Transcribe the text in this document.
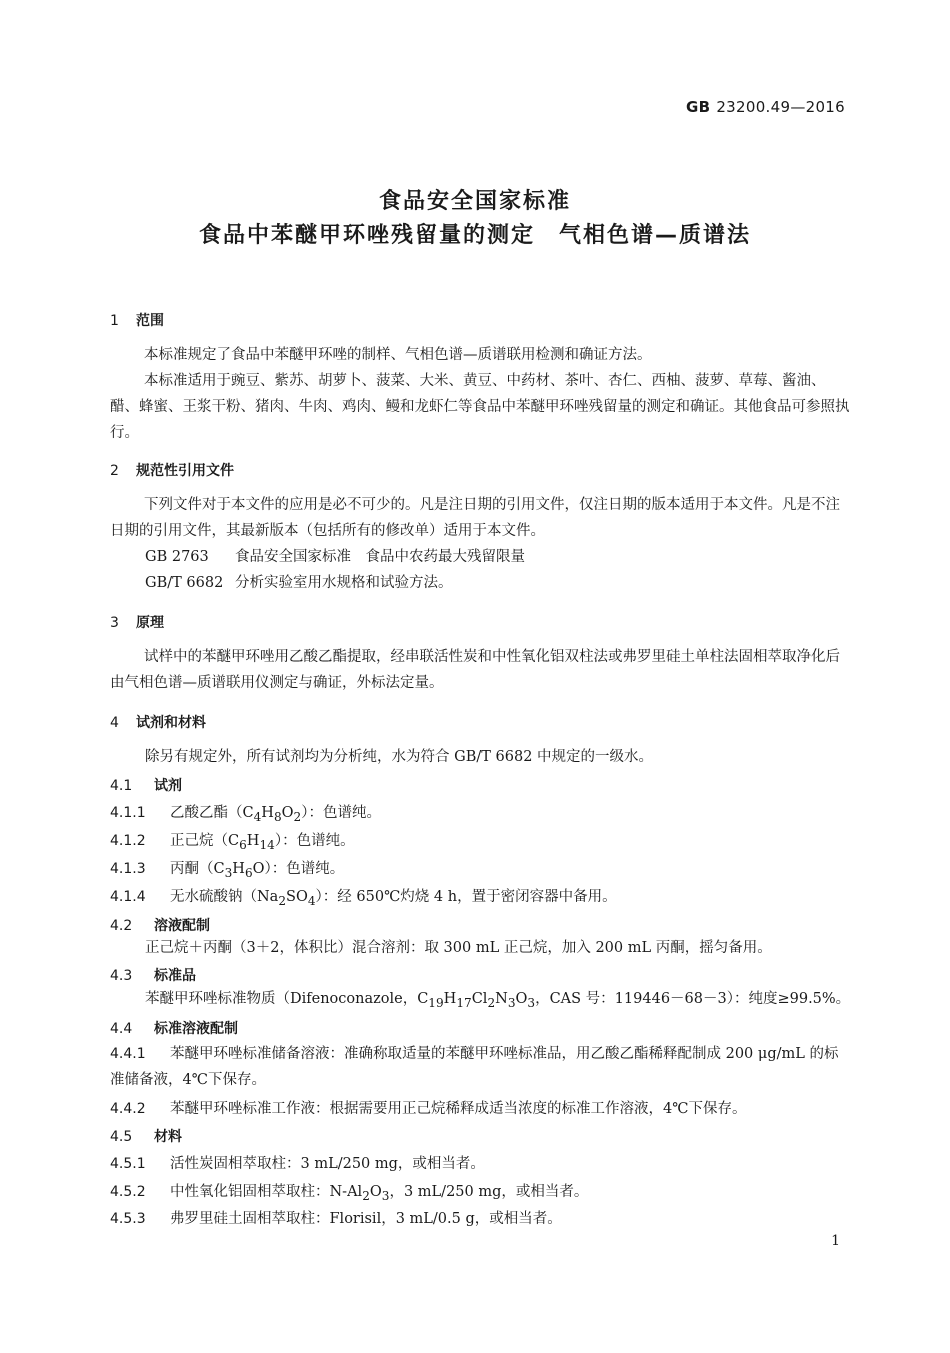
GB 23200.49—2016
食品安全国家标准
食品中苯醚甲环唑残留量的测定　气相色谱—质谱法
1 范围
本标准规定了食品中苯醚甲环唑的制样、气相色谱—质谱联用检测和确证方法。
本标准适用于豌豆、紫苏、胡萝卜、菠菜、大米、黄豆、中药材、茶叶、杏仁、西柚、菠萝、草莓、酱油、醋、蜂蜜、王浆干粉、猪肉、牛肉、鸡肉、鳗和龙虾仁等食品中苯醚甲环唑残留量的测定和确证。其他食品可参照执行。
2 规范性引用文件
下列文件对于本文件的应用是必不可少的。凡是注日期的引用文件，仅注日期的版本适用于本文件。凡是不注日期的引用文件，其最新版本（包括所有的修改单）适用于本文件。
GB 2763 食品安全国家标准　食品中农药最大残留限量
GB/T 6682 分析实验室用水规格和试验方法。
3 原理
试样中的苯醚甲环唑用乙酸乙酯提取，经串联活性炭和中性氧化铝双柱法或弗罗里硅土单柱法固相萃取净化后由气相色谱—质谱联用仪测定与确证，外标法定量。
4 试剂和材料
除另有规定外，所有试剂均为分析纯，水为符合 GB/T 6682 中规定的一级水。
4.1 试剂
4.1.1 乙酸乙酯$(C_4H_8O_2)$：色谱纯。
4.1.2 正己烷$(C_6H_{14})$：色谱纯。
4.1.3 丙酮$(C_3H_6O)$：色谱纯。
4.1.4 无水硫酸钠$(Na_2SO_4)$：经 650℃灼烧 4 h，置于密闭容器中备用。
4.2 溶液配制
正己烷＋丙酮（3＋2，体积比）混合溶剂：取 300 mL 正己烷，加入 200 mL 丙酮，摇匀备用。
4.3 标准品
苯醚甲环唑标准物质（Difenoconazole，$C_{19}H_{17}Cl_2N_3O_3$，CAS 号：119446－68－3）：纯度≥99.5%。
4.4 标准溶液配制
4.4.1 苯醚甲环唑标准储备溶液：准确称取适量的苯醚甲环唑标准品，用乙酸乙酯稀释配制成 200 μg/mL 的标准储备液，4℃下保存。
4.4.2 苯醚甲环唑标准工作液：根据需要用正己烷稀释成适当浓度的标准工作溶液，4℃下保存。
4.5 材料
4.5.1 活性炭固相萃取柱：3 mL/250 mg，或相当者。
4.5.2 中性氧化铝固相萃取柱：$N-Al_2O_3$，3 mL/250 mg，或相当者。
4.5.3 弗罗里硅土固相萃取柱：Florisil，3 mL/0.5 g，或相当者。
1
